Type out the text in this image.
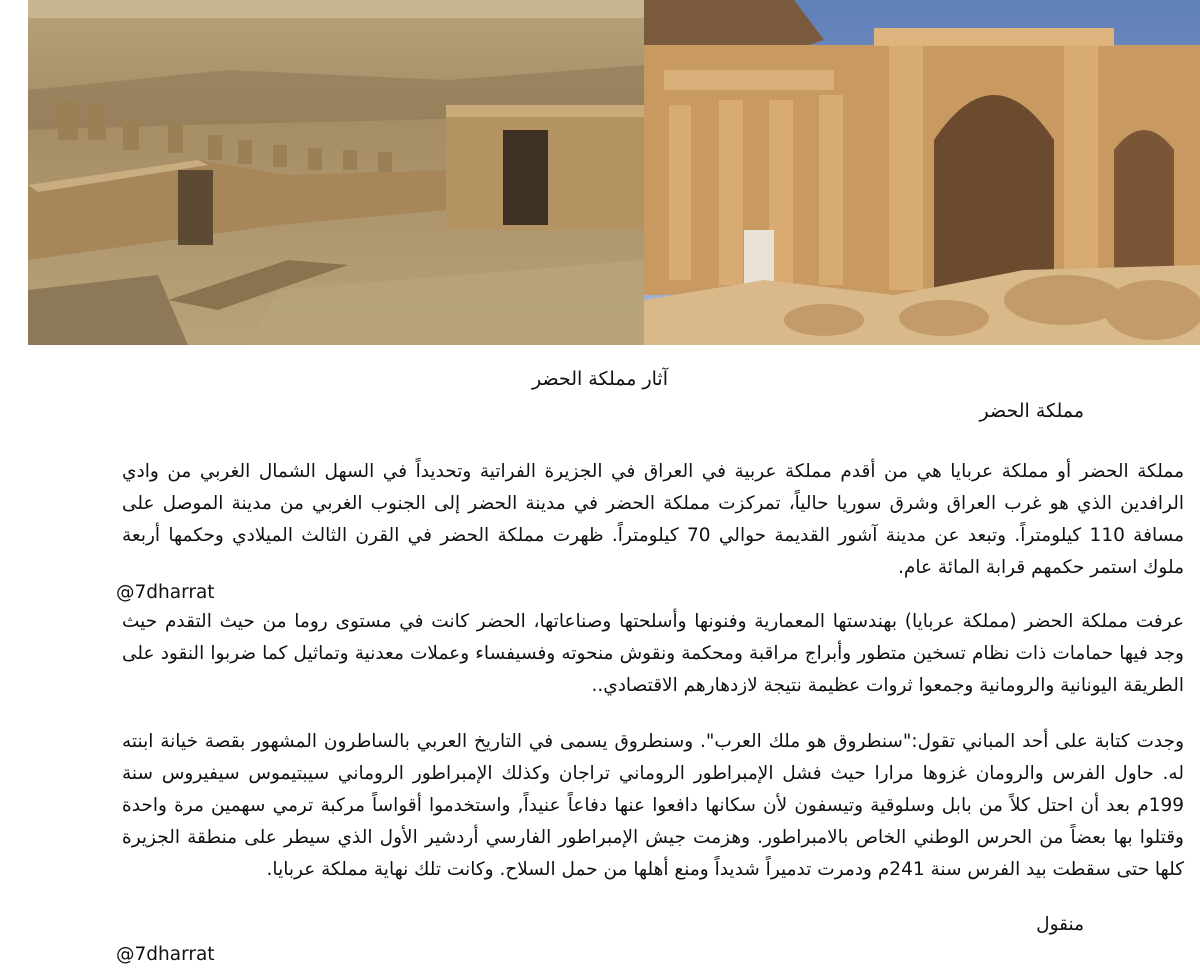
آثار مملكة الحضر
مملكة الحضر
مملكة الحضر أو مملكة عربايا هي من أقدم مملكة عربية في العراق في الجزيرة الفراتية وتحديداً في السهل الشمال الغربي من وادي الرافدين الذي هو غرب العراق وشرق سوريا حالياً، تمركزت مملكة الحضر في مدينة الحضر إلى الجنوب الغربي من مدينة الموصل على مسافة 110 كيلومتراً. وتبعد عن مدينة آشور القديمة حوالي 70 كيلومتراً. ظهرت مملكة الحضر في القرن الثالث الميلادي وحكمها أربعة ملوك استمر حكمهم قرابة المائة عام.
@7dharrat
عرفت مملكة الحضر (مملكة عربايا) بهندستها المعمارية وفنونها وأسلحتها وصناعاتها، الحضر كانت في مستوى روما من حيث التقدم حيث وجد فيها حمامات ذات نظام تسخين متطور وأبراج مراقبة ومحكمة ونقوش منحوته وفسيفساء وعملات معدنية وتماثيل كما ضربوا النقود على الطريقة اليونانية والرومانية وجمعوا ثروات عظيمة نتيجة لازدهارهم الاقتصادي..
وجدت كتابة على أحد المباني تقول:"سنطروق هو ملك العرب". وسنطروق يسمى في التاريخ العربي بالساطرون المشهور بقصة خيانة ابنته له. حاول الفرس والرومان غزوها مرارا حيث فشل الإمبراطور الروماني تراجان وكذلك الإمبراطور الروماني سيبتيموس سيفيروس سنة 199م بعد أن احتل كلاً من بابل وسلوقية وتيسفون لأن سكانها دافعوا عنها دفاعاً عنيداً, واستخدموا أقواساً مركبة ترمي سهمين مرة واحدة وقتلوا بها بعضاً من الحرس الوطني الخاص بالامبراطور. وهزمت جيش الإمبراطور الفارسي أردشير الأول الذي سيطر على منطقة الجزيرة كلها حتى سقطت بيد الفرس سنة 241م ودمرت تدميراً شديداً ومنع أهلها من حمل السلاح. وكانت تلك نهاية مملكة عربايا.
منقول
@7dharrat
